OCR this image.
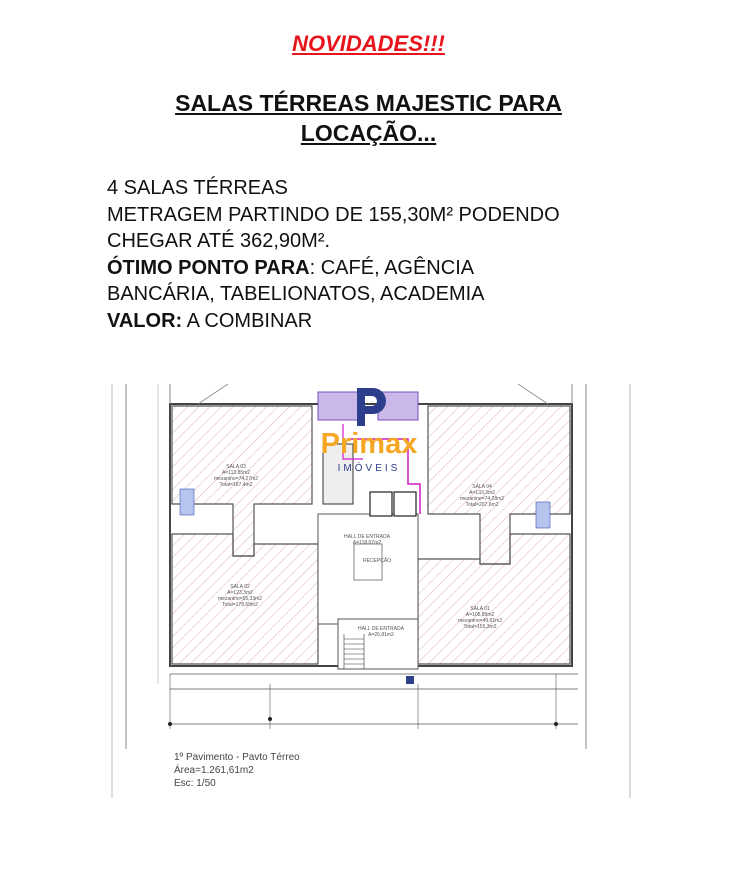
NOVIDADES!!!
SALAS TÉRREAS MAJESTIC PARA
LOCAÇÃO...

4 SALAS TÉRREAS

METRAGEM PARTINDO DE 155,30M² PODENDO

CHEGAR ATÉ 362,90M².

ÓTIMO PONTO PARA: CAFÉ, AGÊNCIA

BANCÁRIA, TABELIONATOS, ACADEMIA

VALOR: A COMBINAR

Primax
IMÓVEIS
SALA 03
A=113,85m2
mezanino=74,27m2
Total=187,4m2	SALA 04
A=133,3m2
mezanino=74,28m2
Total=207,6m2
SALA 02
A=123,3m2
mezanino=55,33m2
Total=178,69m2
SALA 01
A=105,89m2
mezanino=49,61m2
Total=155,3m2
HALL DE ENTRADA
A=118,07m2
RECEPÇÃO
HALL DE ENTRADA
A=26,81m2
1º Pavimento - Pavto Térreo
Área=1.261,61m2
Esc: 1/50
